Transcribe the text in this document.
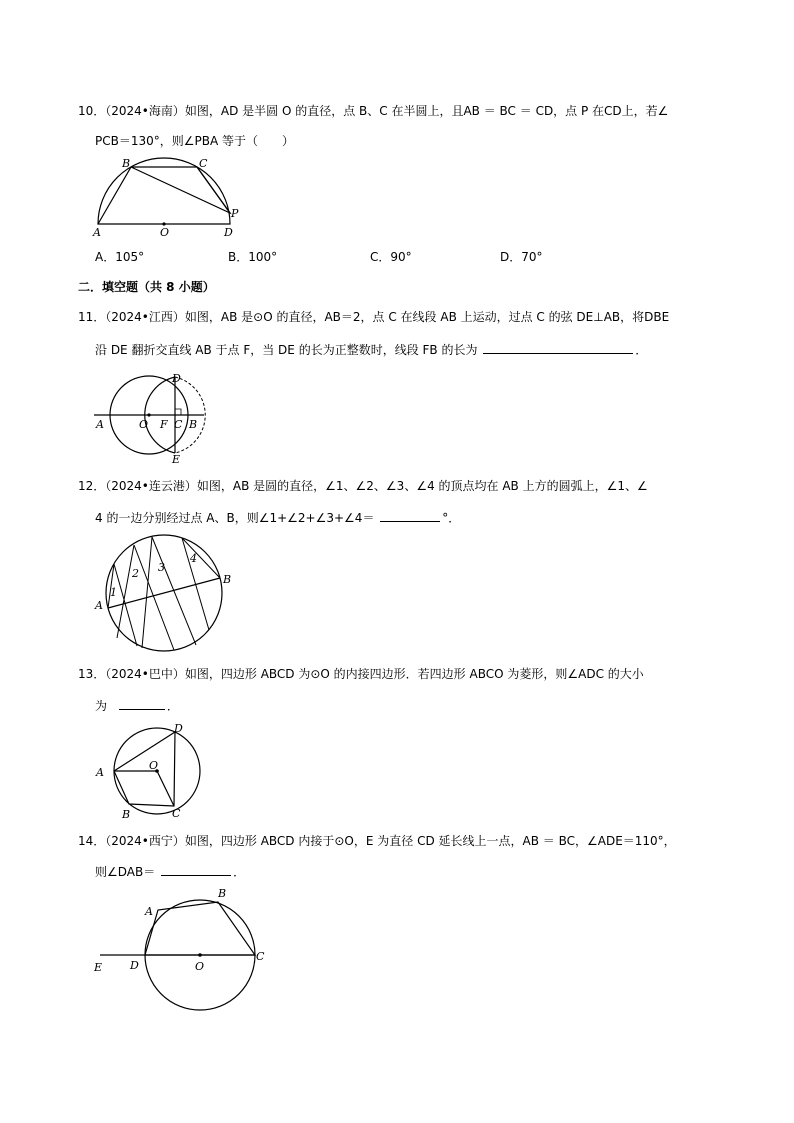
10．（2024•海南）如图，AD 是半圆 O 的直径，点 B、C 在半圆上，且AB ＝ BC ＝ CD，点 P 在CD上，若∠
PCB＝130°，则∠PBA 等于（　　）
A
B	C
D
O
P
A．105°	B．100°	C．90°	D．70°
二．填空题（共 8 小题）
11．（2024•江西）如图，AB 是⊙O 的直径，AB＝2，点 C 在线段 AB 上运动，过点 C 的弦 DE⊥AB，将DBE
沿 DE 翻折交直线 AB 于点 F，当 DE 的长为正整数时，线段 FB 的长为	．
A	O F C B
D
E
12．（2024•连云港）如图，AB 是圆的直径，∠1、∠2、∠3、∠4 的顶点均在 AB 上方的圆弧上，∠1、∠
4 的一边分别经过点 A、B，则∠1+∠2+∠3+∠4＝	°．
A
B
1
2 3
4
13．（2024•巴中）如图，四边形 ABCD 为⊙O 的内接四边形．若四边形 ABCO 为菱形，则∠ADC 的大小
为	．
A
B	C
D
O
14．（2024•西宁）如图，四边形 ABCD 内接于⊙O，E 为直径 CD 延长线上一点，AB ＝ BC，∠ADE＝110°，
则∠DAB＝	．
E	D	O
C
A
B
